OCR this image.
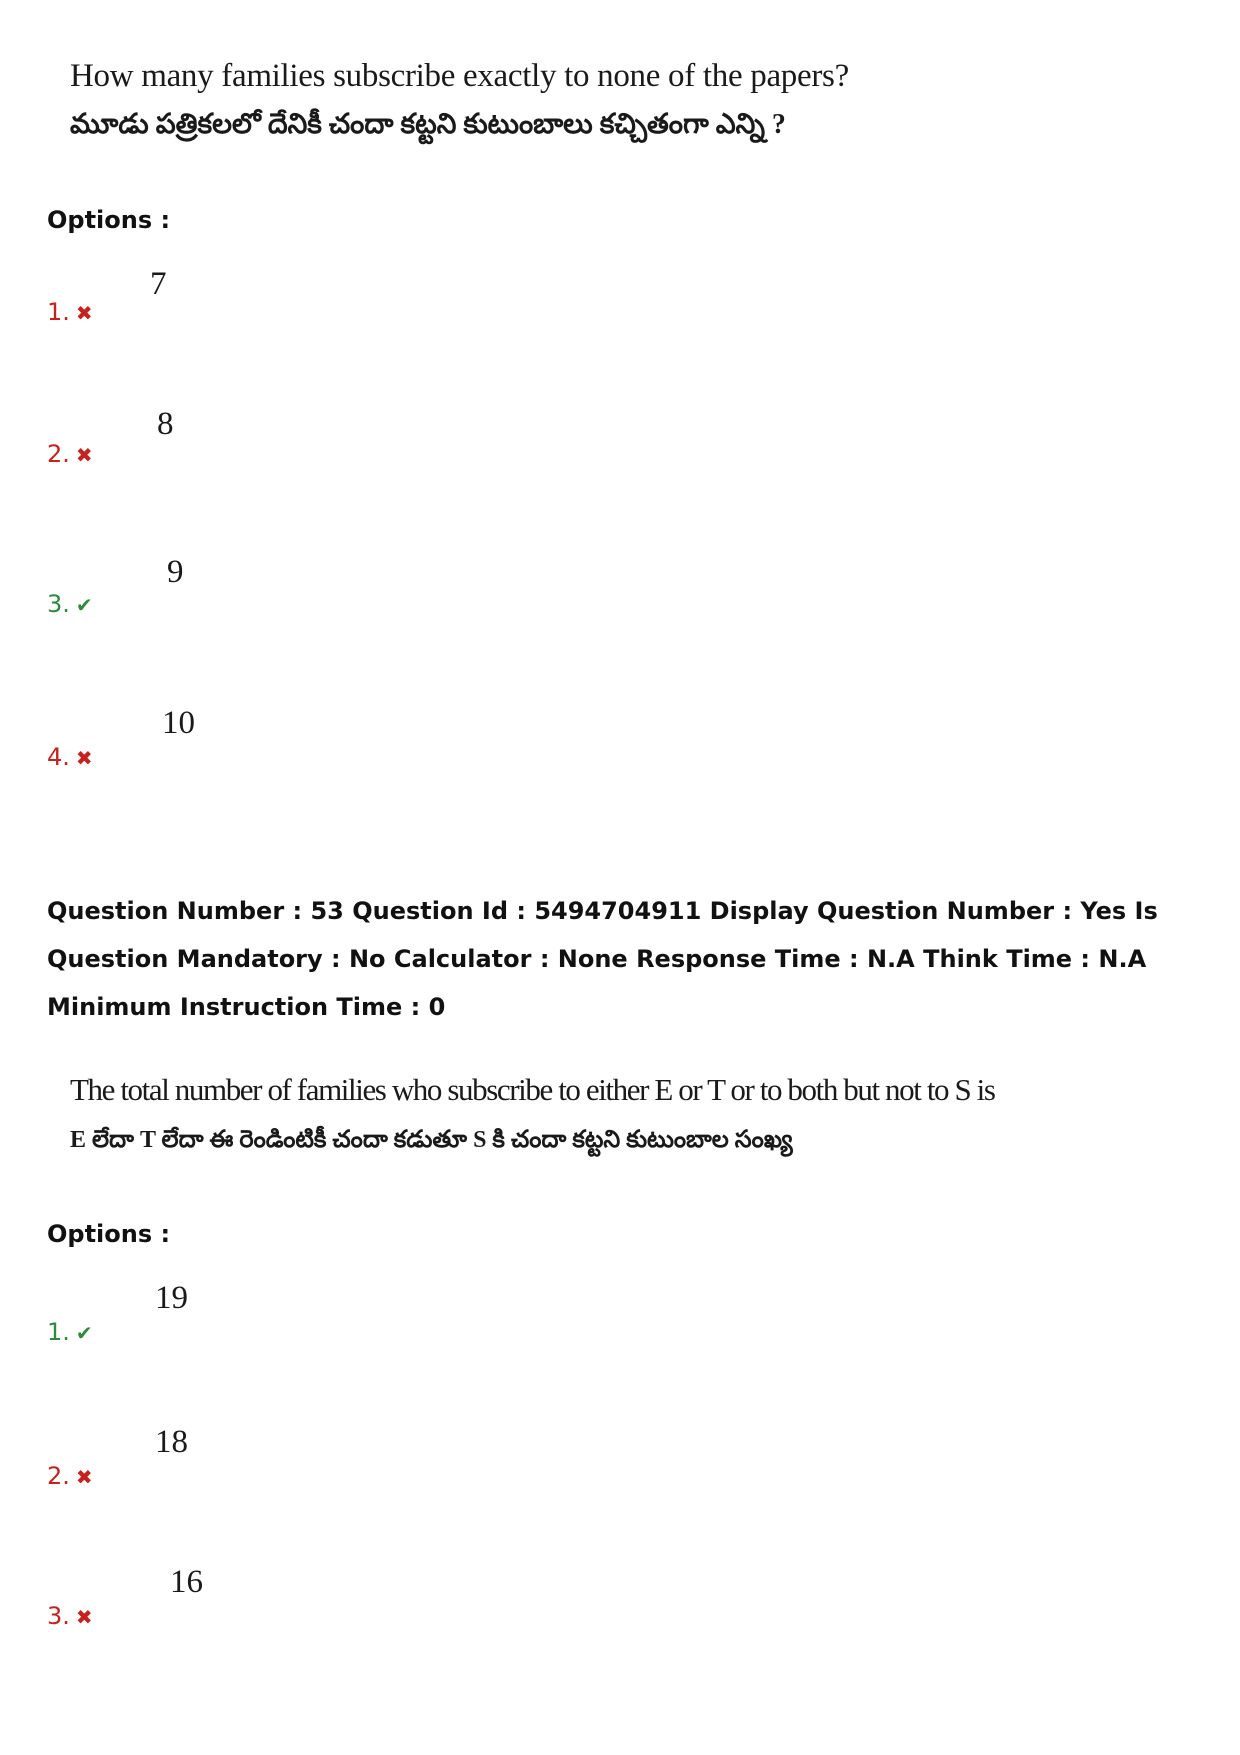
How many families subscribe exactly to none of the papers?
మూడు పత్రికలలో దేనికీ చందా కట్టని కుటుంబాలు కచ్చితంగా ఎన్ని ?
Options :
1. ✖
7
2. ✖
8
3. ✔
9
4. ✖
10
Question Number : 53 Question Id : 5494704911 Display Question Number : Yes Is Question Mandatory : No Calculator : None Response Time : N.A Think Time : N.A Minimum Instruction Time : 0
The total number of families who subscribe to either E or T or to both but not to S is
E లేదా T లేదా ఈ రెండింటికీ చందా కడుతూ S కి చందా కట్టని కుటుంబాల సంఖ్య
Options :
1. ✔
19
2. ✖
18
3. ✖
16
